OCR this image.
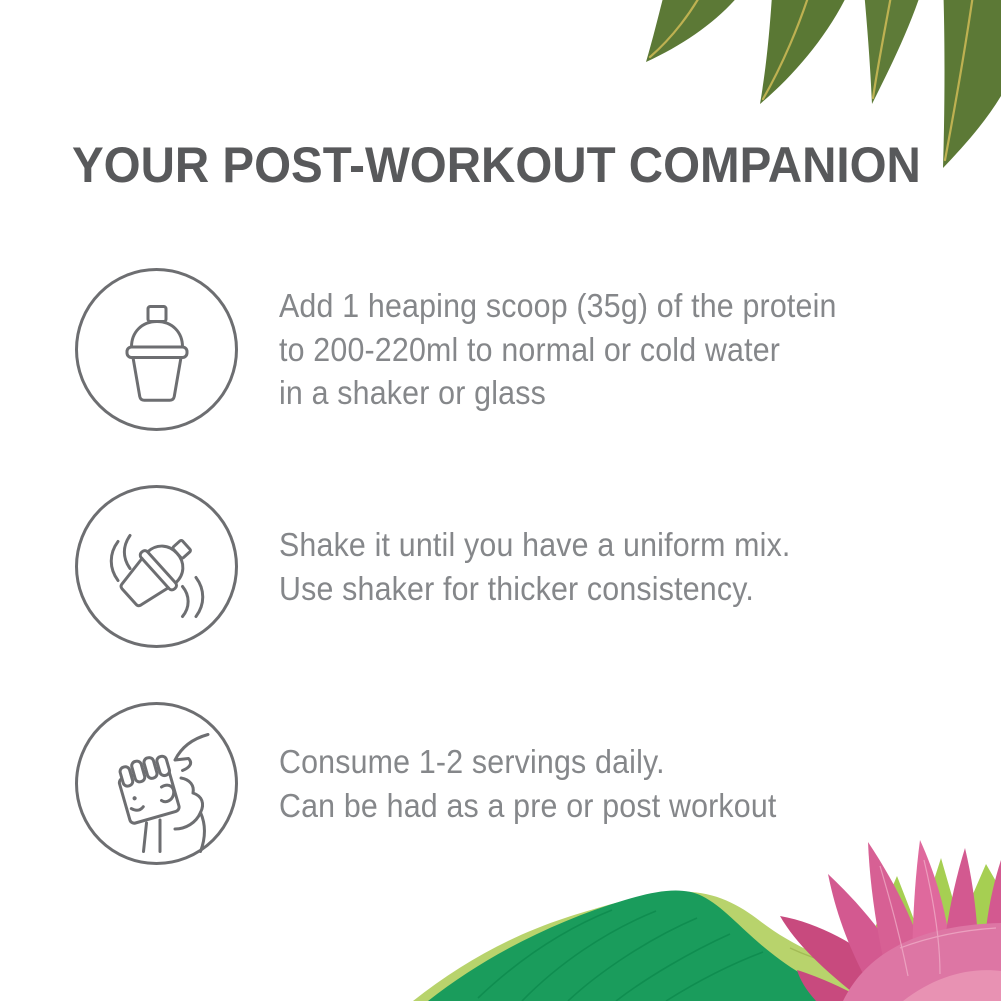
YOUR POST-WORKOUT COMPANION
Add 1 heaping scoop (35g) of the protein
to 200-220ml to normal or cold water
in a shaker or glass
Shake it until you have a uniform mix.
Use shaker for thicker consistency.
Consume 1-2 servings daily.
Can be had as a pre or post workout
